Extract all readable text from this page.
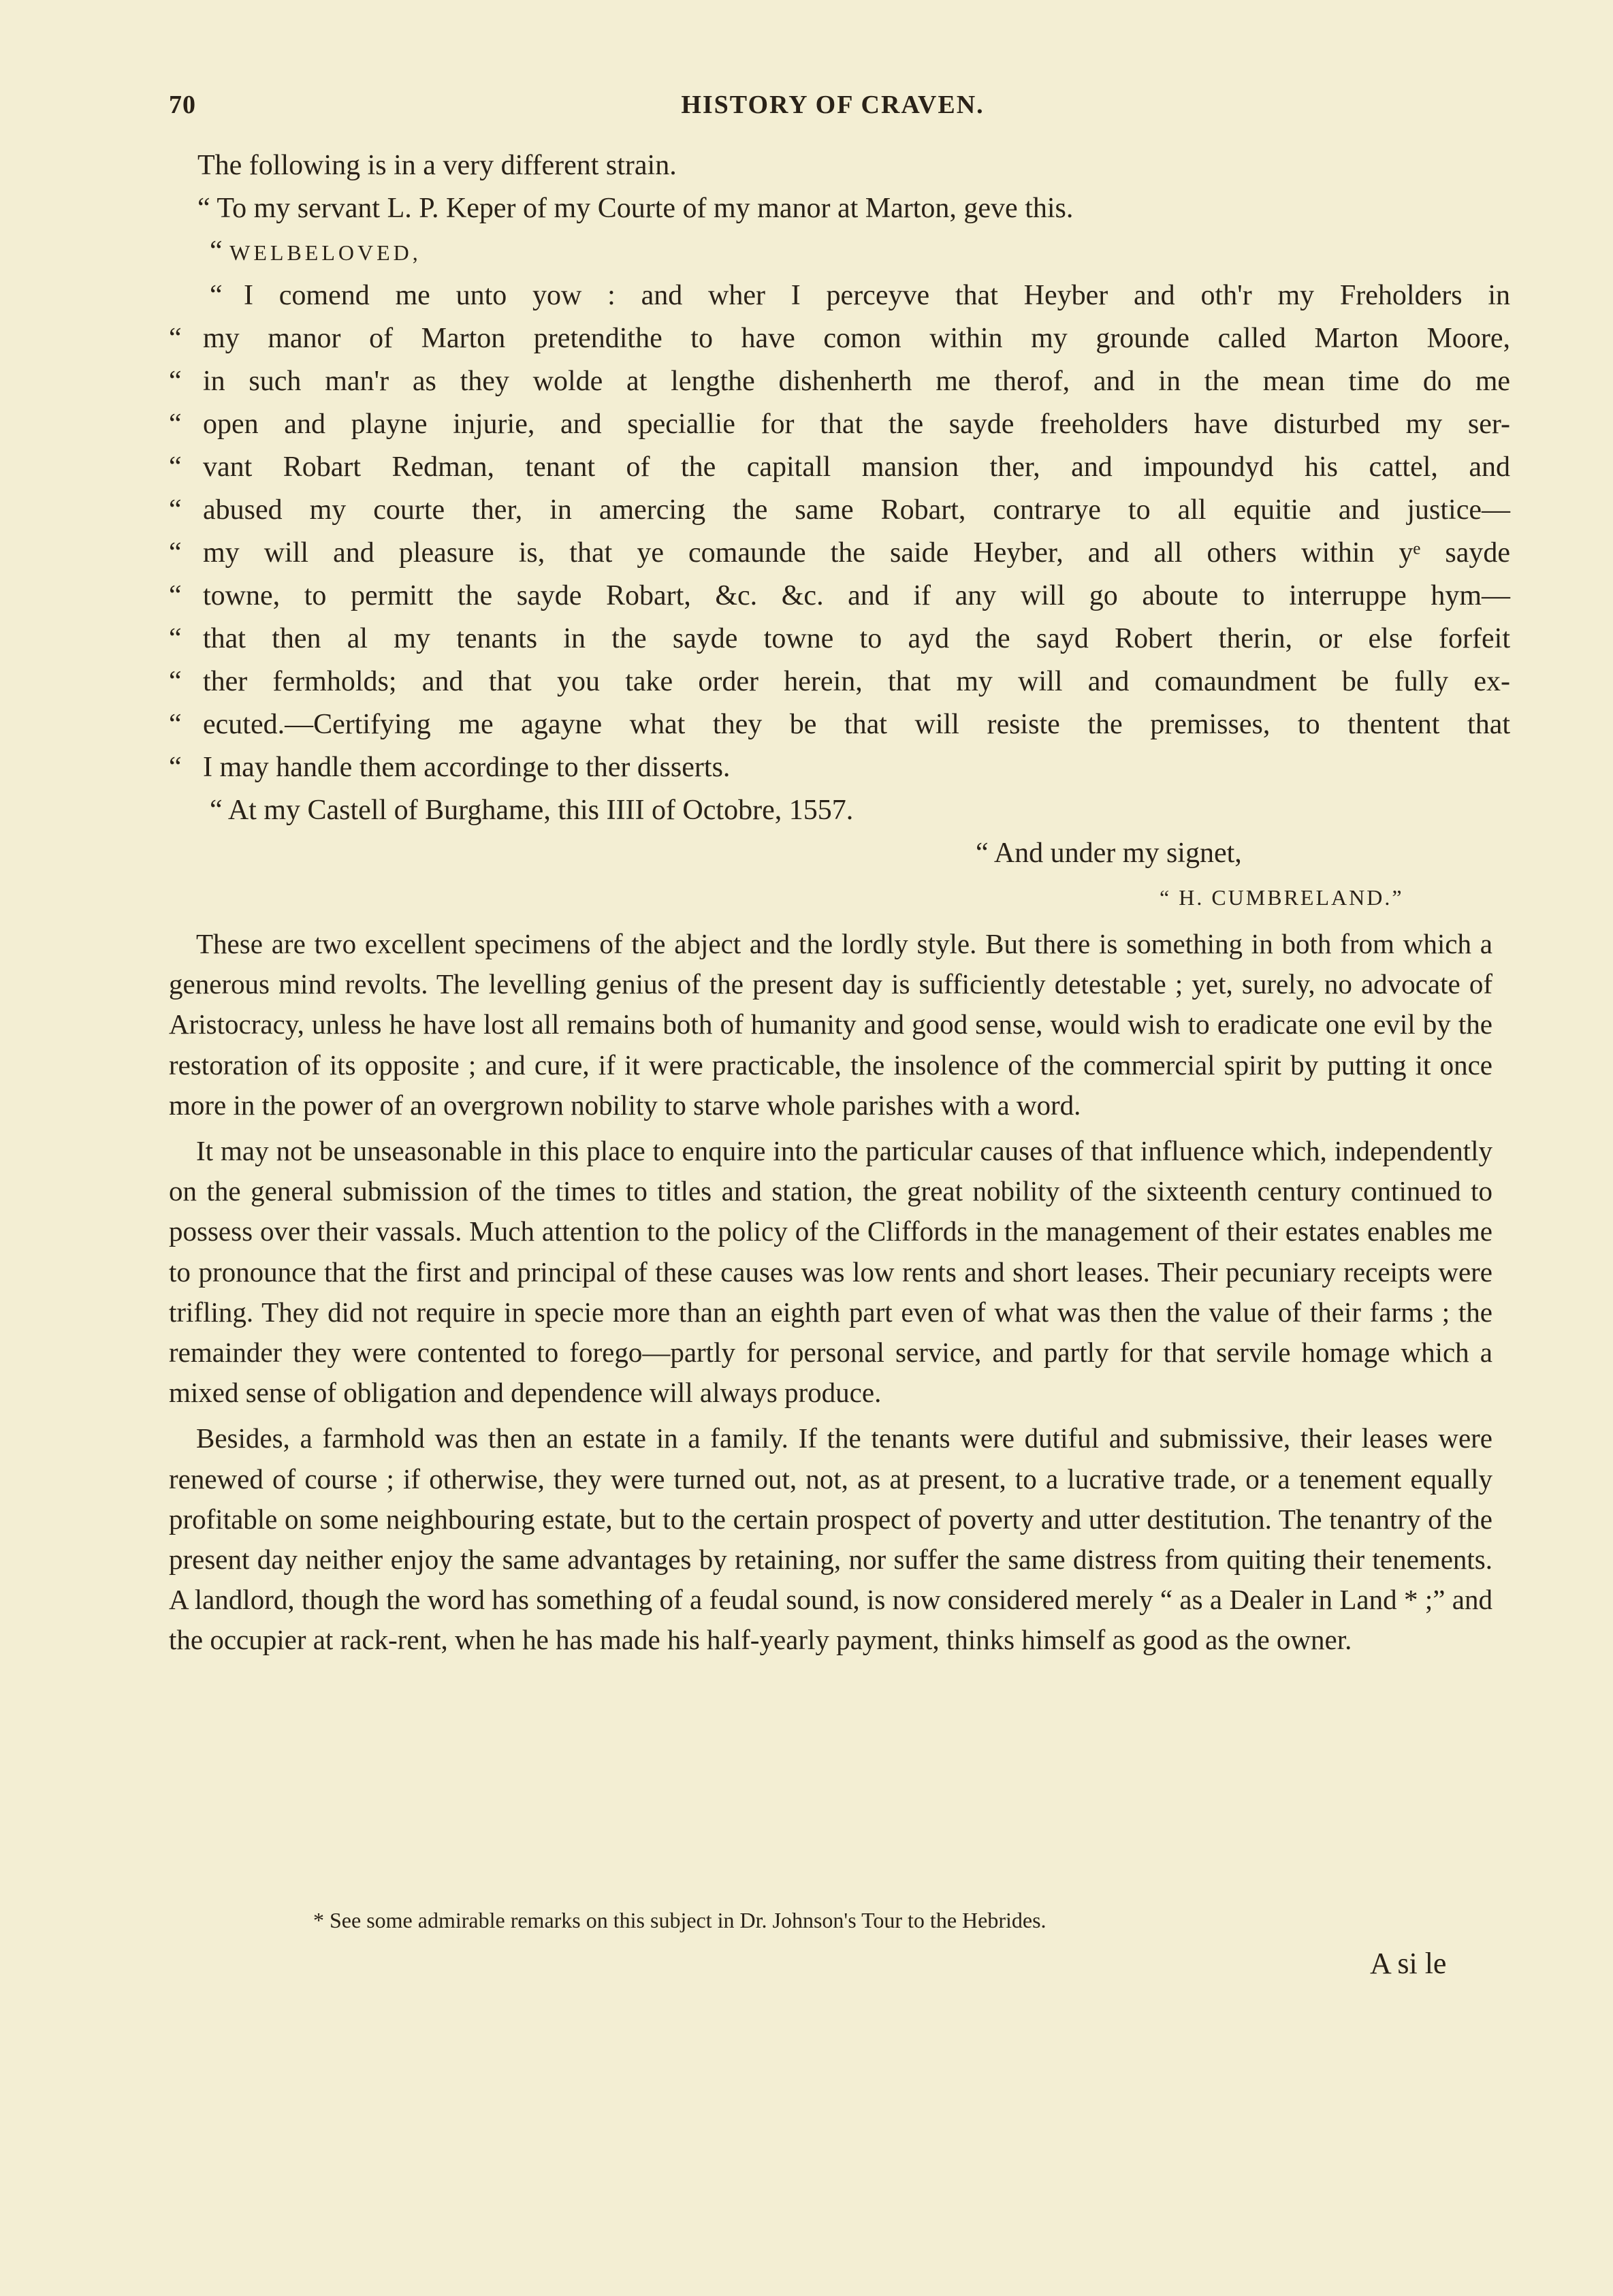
70	HISTORY OF CRAVEN.
The following is in a very different strain.
“ To my servant L. P. Keper of my Courte of my manor at Marton, geve this.
“ WELBELOVED,
“ I comend me unto yow : and wher I perceyve that Heyber and oth'r my Freholders in
“ my manor of Marton pretendithe to have comon within my grounde called Marton Moore,
“ in such man'r as they wolde at lengthe dishenherth me therof, and in the mean time do me
“ open and playne injurie, and speciallie for that the sayde freeholders have disturbed my ser-
“ vant Robart Redman, tenant of the capitall mansion ther, and impoundyd his cattel, and
“ abused my courte ther, in amercing the same Robart, contrarye to all equitie and justice—
“ my will and pleasure is, that ye comaunde the saide Heyber, and all others within yᵉ sayde
“ towne, to permitt the sayde Robart, &c. &c. and if any will go aboute to interruppe hym—
“ that then al my tenants in the sayde towne to ayd the sayd Robert therin, or else forfeit
“ ther fermholds; and that you take order herein, that my will and comaundment be fully ex-
“ ecuted.—Certifying me agayne what they be that will resiste the premisses, to thentent that
“ I may handle them accordinge to ther disserts.
“ At my Castell of Burghame, this IIII of Octobre, 1557.
“ And under my signet,
“ H. CUMBRELAND.”

These are two excellent specimens of the abject and the lordly style. But there is something in both from which a generous mind revolts. The levelling genius of the present day is sufficiently detestable ; yet, surely, no advocate of Aristocracy, unless he have lost all remains both of humanity and good sense, would wish to eradicate one evil by the restoration of its opposite ; and cure, if it were practicable, the insolence of the commercial spirit by putting it once more in the power of an overgrown nobility to starve whole parishes with a word.

It may not be unseasonable in this place to enquire into the particular causes of that influence which, independently on the general submission of the times to titles and station, the great nobility of the sixteenth century continued to possess over their vassals. Much attention to the policy of the Cliffords in the management of their estates enables me to pronounce that the first and principal of these causes was low rents and short leases. Their pecuniary receipts were trifling. They did not require in specie more than an eighth part even of what was then the value of their farms ; the remainder they were contented to forego—partly for personal service, and partly for that servile homage which a mixed sense of obligation and dependence will always produce.

Besides, a farmhold was then an estate in a family. If the tenants were dutiful and submissive, their leases were renewed of course ; if otherwise, they were turned out, not, as at present, to a lucrative trade, or a tenement equally profitable on some neighbouring estate, but to the certain prospect of poverty and utter destitution. The tenantry of the present day neither enjoy the same advantages by retaining, nor suffer the same distress from quiting their tenements. A landlord, though the word has something of a feudal sound, is now considered merely “ as a Dealer in Land * ;” and the occupier at rack-rent, when he has made his half-yearly payment, thinks himself as good as the owner.

* See some admirable remarks on this subject in Dr. Johnson's Tour to the Hebrides.
A si le
